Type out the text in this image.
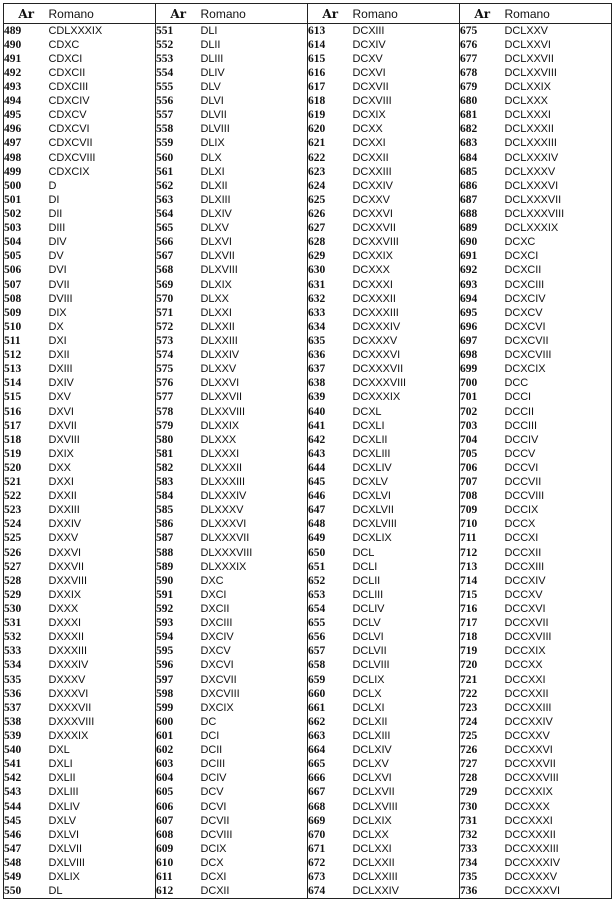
Ar	Romano	Ar	Romano	Ar	Romano	Ar	Romano
489	CDLXXXIX	551	DLI	613	DCXIII	675	DCLXXV
490	CDXC	552	DLII	614	DCXIV	676	DCLXXVI
491	CDXCI	553	DLIII	615	DCXV	677	DCLXXVII
492	CDXCII	554	DLIV	616	DCXVI	678	DCLXXVIII
493	CDXCIII	555	DLV	617	DCXVII	679	DCLXXIX
494	CDXCIV	556	DLVI	618	DCXVIII	680	DCLXXX
495	CDXCV	557	DLVII	619	DCXIX	681	DCLXXXI
496	CDXCVI	558	DLVIII	620	DCXX	682	DCLXXXII
497	CDXCVII	559	DLIX	621	DCXXI	683	DCLXXXIII
498	CDXCVIII	560	DLX	622	DCXXII	684	DCLXXXIV
499	CDXCIX	561	DLXI	623	DCXXIII	685	DCLXXXV
500	D	562	DLXII	624	DCXXIV	686	DCLXXXVI
501	DI	563	DLXIII	625	DCXXV	687	DCLXXXVII
502	DII	564	DLXIV	626	DCXXVI	688	DCLXXXVIII
503	DIII	565	DLXV	627	DCXXVII	689	DCLXXXIX
504	DIV	566	DLXVI	628	DCXXVIII	690	DCXC
505	DV	567	DLXVII	629	DCXXIX	691	DCXCI
506	DVI	568	DLXVIII	630	DCXXX	692	DCXCII
507	DVII	569	DLXIX	631	DCXXXI	693	DCXCIII
508	DVIII	570	DLXX	632	DCXXXII	694	DCXCIV
509	DIX	571	DLXXI	633	DCXXXIII	695	DCXCV
510	DX	572	DLXXII	634	DCXXXIV	696	DCXCVI
511	DXI	573	DLXXIII	635	DCXXXV	697	DCXCVII
512	DXII	574	DLXXIV	636	DCXXXVI	698	DCXCVIII
513	DXIII	575	DLXXV	637	DCXXXVII	699	DCXCIX
514	DXIV	576	DLXXVI	638	DCXXXVIII	700	DCC
515	DXV	577	DLXXVII	639	DCXXXIX	701	DCCI
516	DXVI	578	DLXXVIII	640	DCXL	702	DCCII
517	DXVII	579	DLXXIX	641	DCXLI	703	DCCIII
518	DXVIII	580	DLXXX	642	DCXLII	704	DCCIV
519	DXIX	581	DLXXXI	643	DCXLIII	705	DCCV
520	DXX	582	DLXXXII	644	DCXLIV	706	DCCVI
521	DXXI	583	DLXXXIII	645	DCXLV	707	DCCVII
522	DXXII	584	DLXXXIV	646	DCXLVI	708	DCCVIII
523	DXXIII	585	DLXXXV	647	DCXLVII	709	DCCIX
524	DXXIV	586	DLXXXVI	648	DCXLVIII	710	DCCX
525	DXXV	587	DLXXXVII	649	DCXLIX	711	DCCXI
526	DXXVI	588	DLXXXVIII	650	DCL	712	DCCXII
527	DXXVII	589	DLXXXIX	651	DCLI	713	DCCXIII
528	DXXVIII	590	DXC	652	DCLII	714	DCCXIV
529	DXXIX	591	DXCI	653	DCLIII	715	DCCXV
530	DXXX	592	DXCII	654	DCLIV	716	DCCXVI
531	DXXXI	593	DXCIII	655	DCLV	717	DCCXVII
532	DXXXII	594	DXCIV	656	DCLVI	718	DCCXVIII
533	DXXXIII	595	DXCV	657	DCLVII	719	DCCXIX
534	DXXXIV	596	DXCVI	658	DCLVIII	720	DCCXX
535	DXXXV	597	DXCVII	659	DCLIX	721	DCCXXI
536	DXXXVI	598	DXCVIII	660	DCLX	722	DCCXXII
537	DXXXVII	599	DXCIX	661	DCLXI	723	DCCXXIII
538	DXXXVIII	600	DC	662	DCLXII	724	DCCXXIV
539	DXXXIX	601	DCI	663	DCLXIII	725	DCCXXV
540	DXL	602	DCII	664	DCLXIV	726	DCCXXVI
541	DXLI	603	DCIII	665	DCLXV	727	DCCXXVII
542	DXLII	604	DCIV	666	DCLXVI	728	DCCXXVIII
543	DXLIII	605	DCV	667	DCLXVII	729	DCCXXIX
544	DXLIV	606	DCVI	668	DCLXVIII	730	DCCXXX
545	DXLV	607	DCVII	669	DCLXIX	731	DCCXXXI
546	DXLVI	608	DCVIII	670	DCLXX	732	DCCXXXII
547	DXLVII	609	DCIX	671	DCLXXI	733	DCCXXXIII
548	DXLVIII	610	DCX	672	DCLXXII	734	DCCXXXIV
549	DXLIX	611	DCXI	673	DCLXXIII	735	DCCXXXV
550	DL	612	DCXII	674	DCLXXIV	736	DCCXXXVI
